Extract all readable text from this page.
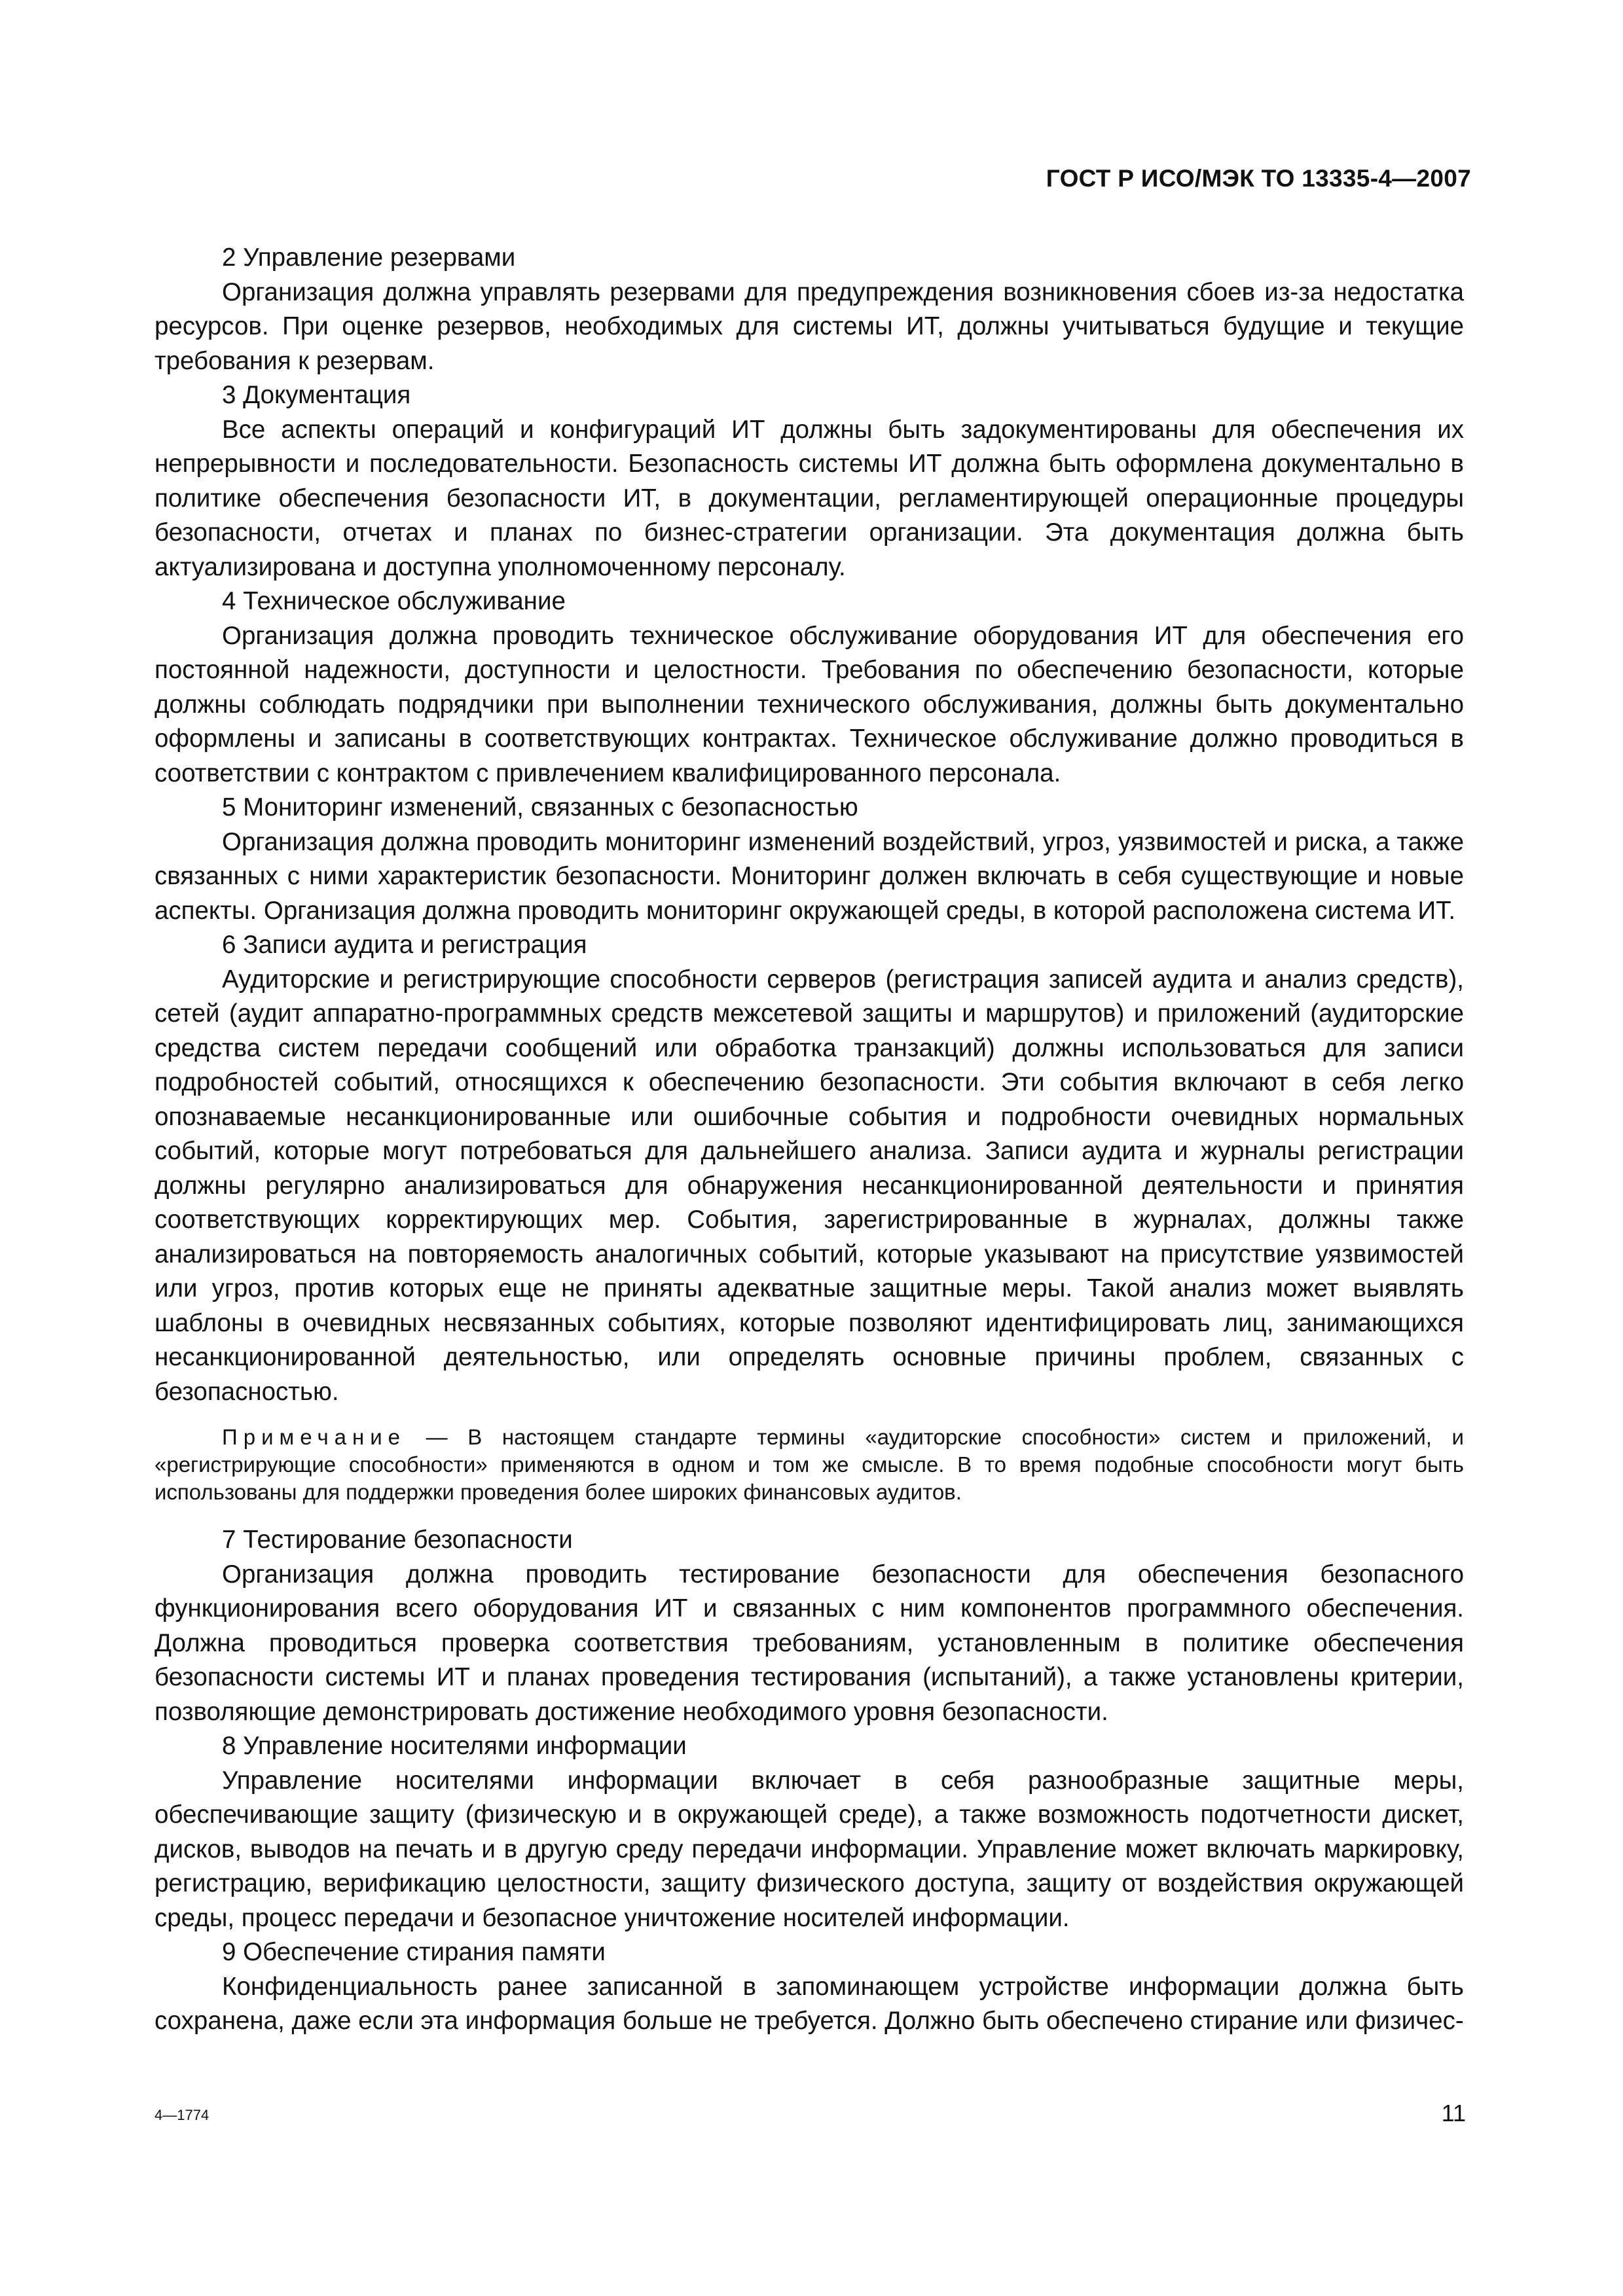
ГОСТ Р ИСО/МЭК ТО 13335-4—2007

2 Управление резервами

Организация должна управлять резервами для предупреждения возникновения сбоев из-за недостатка ресурсов. При оценке резервов, необходимых для системы ИТ, должны учитываться будущие и текущие требования к резервам.

3 Документация

Все аспекты операций и конфигураций ИТ должны быть задокументированы для обеспечения их непрерывности и последовательности. Безопасность системы ИТ должна быть оформлена документально в политике обеспечения безопасности ИТ, в документации, регламентирующей операционные процедуры безопасности, отчетах и планах по бизнес-стратегии организации. Эта документация должна быть актуализирована и доступна уполномоченному персоналу.

4 Техническое обслуживание

Организация должна проводить техническое обслуживание оборудования ИТ для обеспечения его постоянной надежности, доступности и целостности. Требования по обеспечению безопасности, которые должны соблюдать подрядчики при выполнении технического обслуживания, должны быть документально оформлены и записаны в соответствующих контрактах. Техническое обслуживание должно проводиться в соответствии с контрактом с привлечением квалифицированного персонала.

5 Мониторинг изменений, связанных с безопасностью

Организация должна проводить мониторинг изменений воздействий, угроз, уязвимостей и риска, а также связанных с ними характеристик безопасности. Мониторинг должен включать в себя существующие и новые аспекты. Организация должна проводить мониторинг окружающей среды, в которой расположена система ИТ.

6 Записи аудита и регистрация

Аудиторские и регистрирующие способности серверов (регистрация записей аудита и анализ средств), сетей (аудит аппаратно-программных средств межсетевой защиты и маршрутов) и приложений (аудиторские средства систем передачи сообщений или обработка транзакций) должны использоваться для записи подробностей событий, относящихся к обеспечению безопасности. Эти события включают в себя легко опознаваемые несанкционированные или ошибочные события и подробности очевидных нормальных событий, которые могут потребоваться для дальнейшего анализа. Записи аудита и журналы регистрации должны регулярно анализироваться для обнаружения несанкционированной деятельности и принятия соответствующих корректирующих мер. События, зарегистрированные в журналах, должны также анализироваться на повторяемость аналогичных событий, которые указывают на присутствие уязвимостей или угроз, против которых еще не приняты адекватные защитные меры. Такой анализ может выявлять шаблоны в очевидных несвязанных событиях, которые позволяют идентифицировать лиц, занимающихся несанкционированной деятельностью, или определять основные причины проблем, связанных с безопасностью.

Примечание — В настоящем стандарте термины «аудиторские способности» систем и приложений, и «регистрирующие способности» применяются в одном и том же смысле. В то время подобные способности могут быть использованы для поддержки проведения более широких финансовых аудитов.

7 Тестирование безопасности

Организация должна проводить тестирование безопасности для обеспечения безопасного функционирования всего оборудования ИТ и связанных с ним компонентов программного обеспечения. Должна проводиться проверка соответствия требованиям, установленным в политике обеспечения безопасности системы ИТ и планах проведения тестирования (испытаний), а также установлены критерии, позволяющие демонстрировать достижение необходимого уровня безопасности.

8 Управление носителями информации

Управление носителями информации включает в себя разнообразные защитные меры, обеспечивающие защиту (физическую и в окружающей среде), а также возможность подотчетности дискет, дисков, выводов на печать и в другую среду передачи информации. Управление может включать маркировку, регистрацию, верификацию целостности, защиту физического доступа, защиту от воздействия окружающей среды, процесс передачи и безопасное уничтожение носителей информации.

9 Обеспечение стирания памяти

Конфиденциальность ранее записанной в запоминающем устройстве информации должна быть сохранена, даже если эта информация больше не требуется. Должно быть обеспечено стирание или физичес-

4—1774	11
